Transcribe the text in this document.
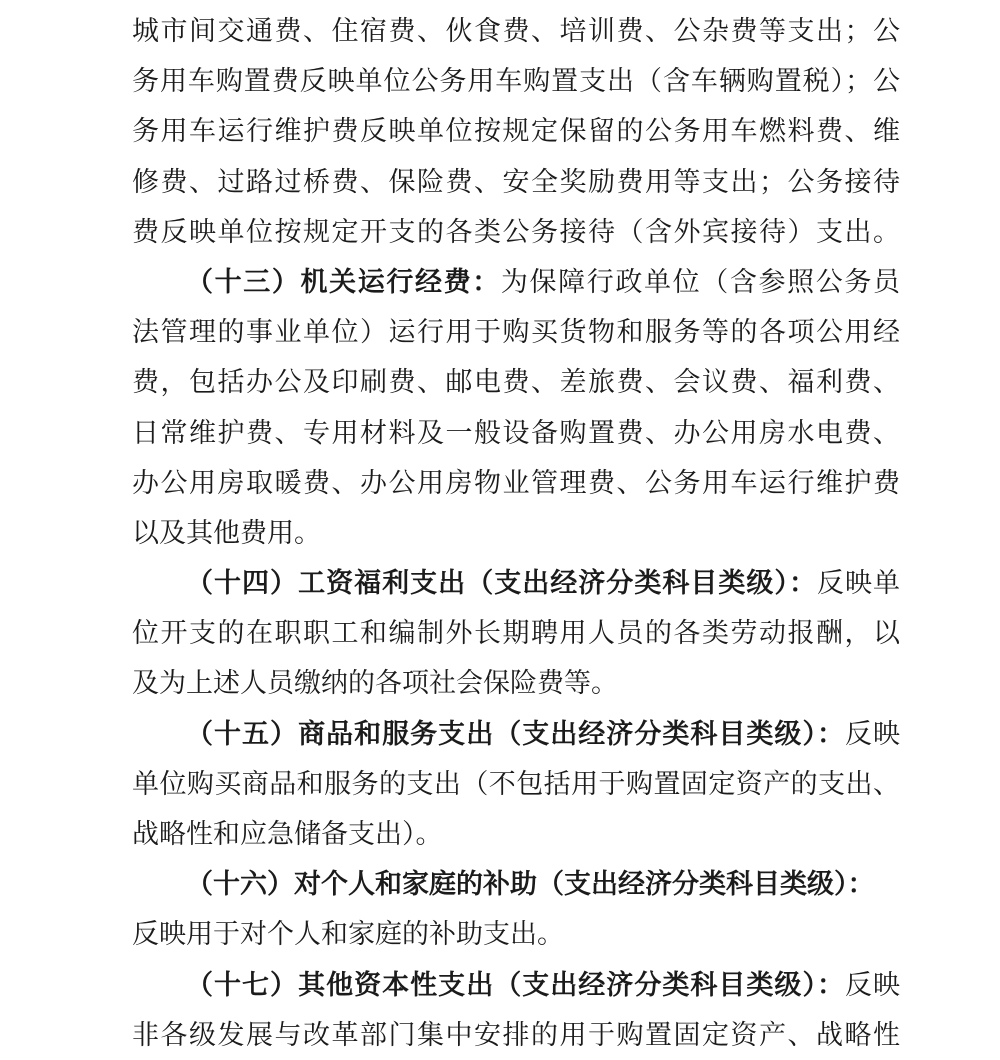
城市间交通费、住宿费、伙食费、培训费、公杂费等支出；公
务用车购置费反映单位公务用车购置支出（含车辆购置税）；公
务用车运行维护费反映单位按规定保留的公务用车燃料费、维
修费、过路过桥费、保险费、安全奖励费用等支出；公务接待
费反映单位按规定开支的各类公务接待（含外宾接待）支出。
（十三）机关运行经费：为保障行政单位（含参照公务员
法管理的事业单位）运行用于购买货物和服务等的各项公用经
费，包括办公及印刷费、邮电费、差旅费、会议费、福利费、
日常维护费、专用材料及一般设备购置费、办公用房水电费、
办公用房取暖费、办公用房物业管理费、公务用车运行维护费
以及其他费用。
（十四）工资福利支出（支出经济分类科目类级）：反映单
位开支的在职职工和编制外长期聘用人员的各类劳动报酬，以
及为上述人员缴纳的各项社会保险费等。
（十五）商品和服务支出（支出经济分类科目类级）：反映
单位购买商品和服务的支出（不包括用于购置固定资产的支出、
战略性和应急储备支出）。
（十六）对个人和家庭的补助（支出经济分类科目类级）：
反映用于对个人和家庭的补助支出。
（十七）其他资本性支出（支出经济分类科目类级）：反映
非各级发展与改革部门集中安排的用于购置固定资产、战略性
